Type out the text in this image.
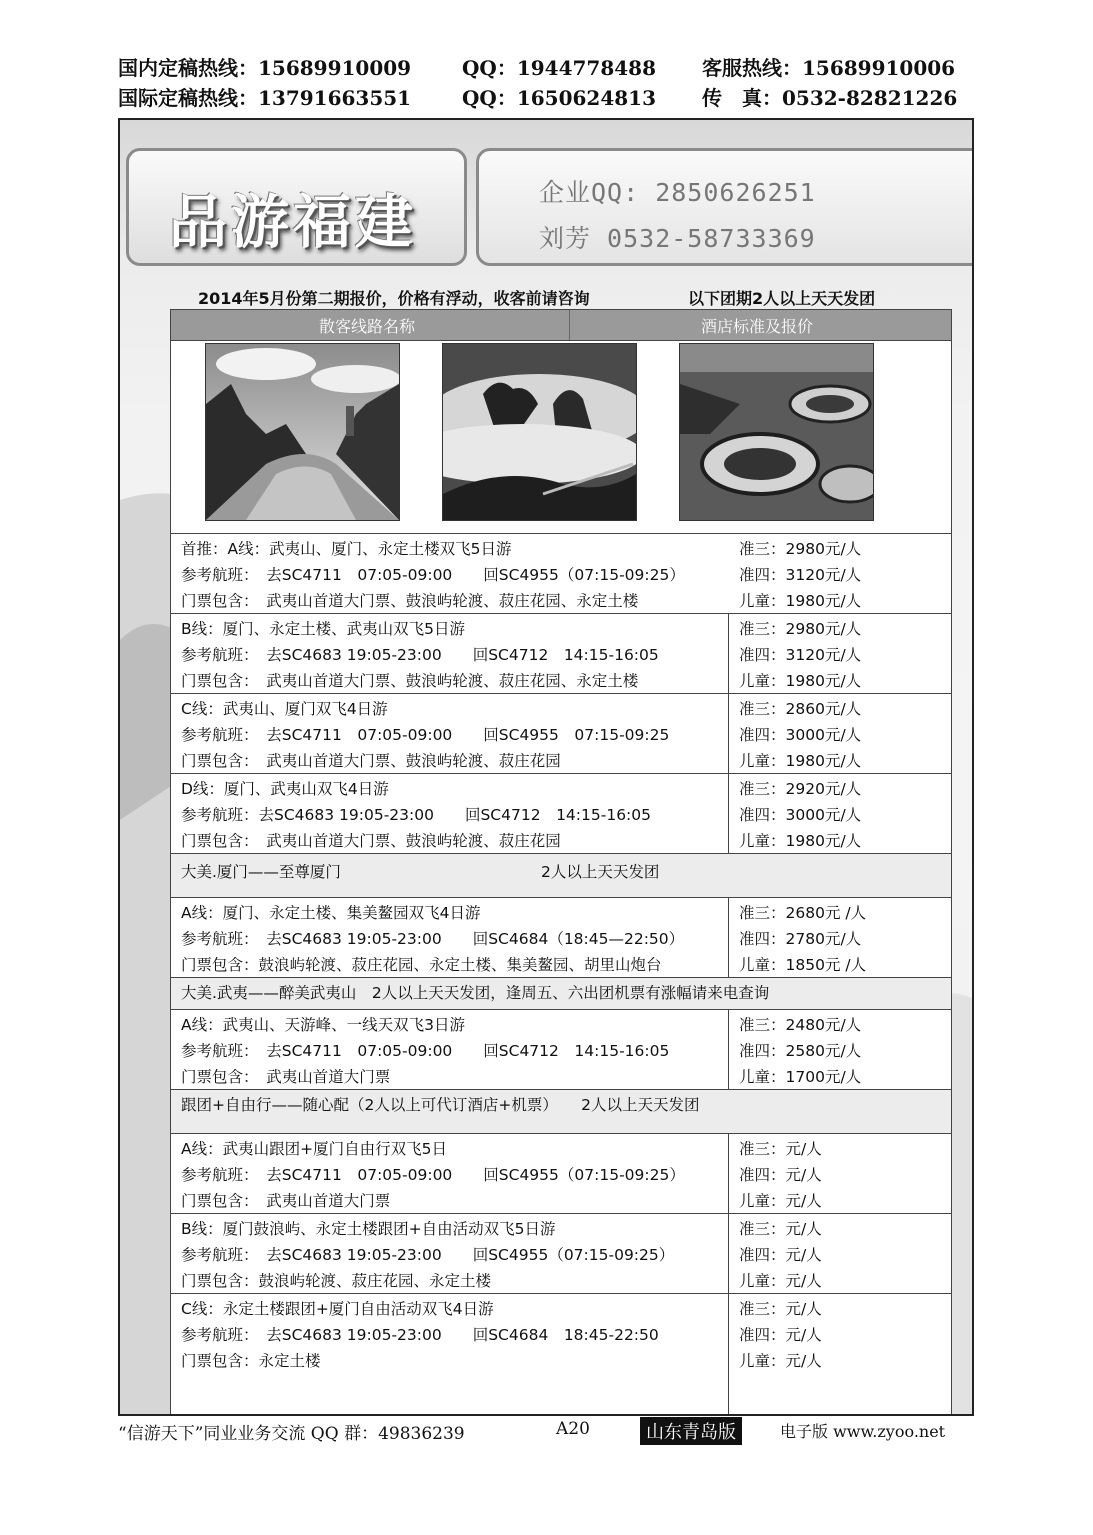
国内定稿热线：15689910009	QQ：1944778488 客服热线：15689910006
国际定稿热线：13791663551	QQ：1650624813 传　真：0532-82821226
品游福建	企业QQ: 2850626251
刘芳 0532-58733369
2014年5月份第二期报价，价格有浮动，收客前请咨询	以下团期2人以上天天发团
散客线路名称	酒店标准及报价
首推：A线：武夷山、厦门、永定土楼双飞5日游
参考航班：　去SC4711　07:05-09:00　　回SC4955（07:15-09:25）
门票包含：　武夷山首道大门票、鼓浪屿轮渡、菽庄花园、永定土楼
准三：2980元/人
准四：3120元/人
儿童：1980元/人
B线：厦门、永定土楼、武夷山双飞5日游
参考航班：　去SC4683 19:05-23:00　　回SC4712　14:15-16:05
门票包含：　武夷山首道大门票、鼓浪屿轮渡、菽庄花园、永定土楼
准三：2980元/人
准四：3120元/人
儿童：1980元/人
C线：武夷山、厦门双飞4日游
参考航班：　去SC4711　07:05-09:00　　回SC4955　07:15-09:25
门票包含：　武夷山首道大门票、鼓浪屿轮渡、菽庄花园
准三：2860元/人
准四：3000元/人
儿童：1980元/人
D线：厦门、武夷山双飞4日游
参考航班：去SC4683 19:05-23:00　　回SC4712　14:15-16:05
门票包含：　武夷山首道大门票、鼓浪屿轮渡、菽庄花园
准三：2920元/人
准四：3000元/人
儿童：1980元/人
大美.厦门——至尊厦门	2人以上天天发团
A线：厦门、永定土楼、集美鳌园双飞4日游
参考航班：　去SC4683 19:05-23:00　　回SC4684（18:45—22:50）
门票包含：鼓浪屿轮渡、菽庄花园、永定土楼、集美鳌园、胡里山炮台
准三：2680元 /人
准四：2780元/人
儿童：1850元 /人
大美.武夷——醉美武夷山　2人以上天天发团，逢周五、六出团机票有涨幅请来电查询
A线：武夷山、天游峰、一线天双飞3日游
参考航班：　去SC4711　07:05-09:00　　回SC4712　14:15-16:05
门票包含：　武夷山首道大门票
准三：2480元/人
准四：2580元/人
儿童：1700元/人
跟团+自由行——随心配（2人以上可代订酒店+机票）　　2人以上天天发团
A线：武夷山跟团+厦门自由行双飞5日
参考航班：　去SC4711　07:05-09:00　　回SC4955（07:15-09:25）
门票包含：　武夷山首道大门票
准三：元/人
准四：元/人
儿童：元/人
B线：厦门鼓浪屿、永定土楼跟团+自由活动双飞5日游
参考航班：　去SC4683 19:05-23:00　　回SC4955（07:15-09:25）
门票包含：鼓浪屿轮渡、菽庄花园、永定土楼
准三：元/人
准四：元/人
儿童：元/人
C线：永定土楼跟团+厦门自由活动双飞4日游
参考航班：　去SC4683 19:05-23:00　　回SC4684　18:45-22:50
门票包含：永定土楼
准三：元/人
准四：元/人
儿童：元/人
“信游天下”同业业务交流 QQ 群：49836239	A20	山东青岛版	电子版 www.zyoo.net
